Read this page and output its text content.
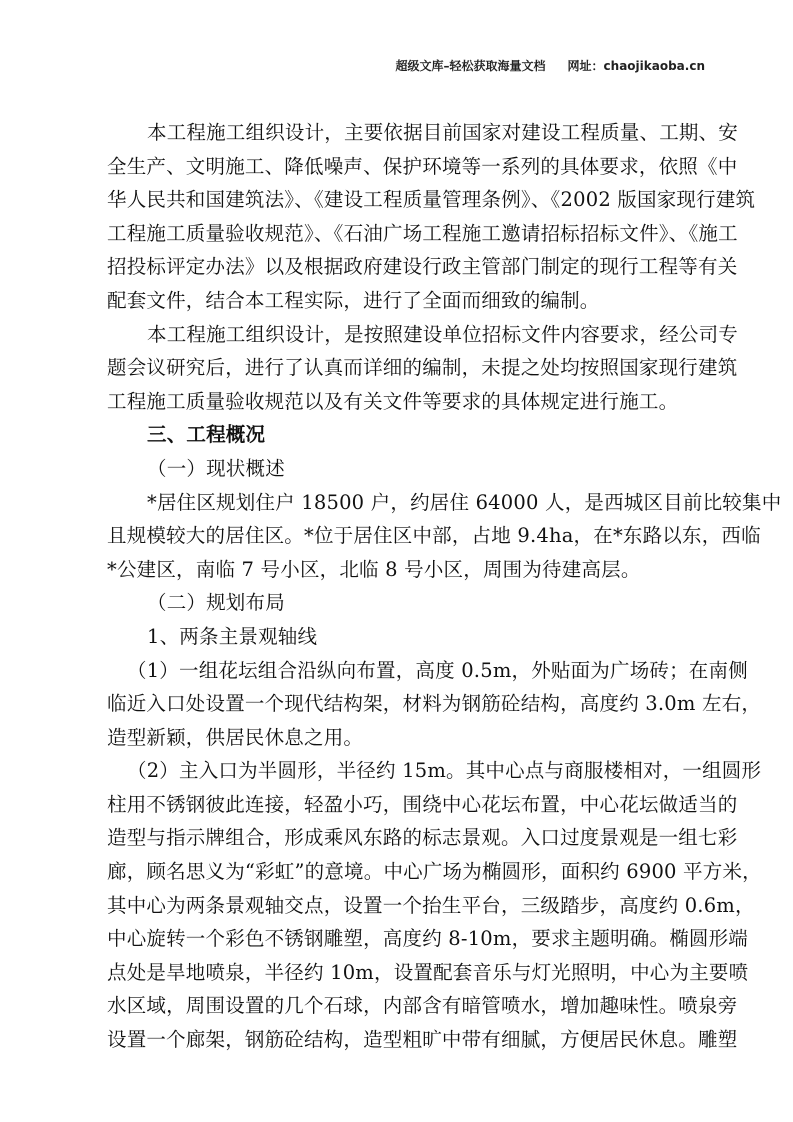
超级文库–轻松获取海量文档 网址：chaojikaoba.cn
本工程施工组织设计，主要依据目前国家对建设工程质量、工期、安
全生产、文明施工、降低噪声、保护环境等一系列的具体要求，依照《中
华人民共和国建筑法》、《建设工程质量管理条例》、《2002 版国家现行建筑
工程施工质量验收规范》、《石油广场工程施工邀请招标招标文件》、《施工
招投标评定办法》以及根据政府建设行政主管部门制定的现行工程等有关
配套文件，结合本工程实际，进行了全面而细致的编制。
本工程施工组织设计，是按照建设单位招标文件内容要求，经公司专
题会议研究后，进行了认真而详细的编制，未提之处均按照国家现行建筑
工程施工质量验收规范以及有关文件等要求的具体规定进行施工。
三、工程概况
（一）现状概述
*居住区规划住户 18500 户，约居住 64000 人，是西城区目前比较集中
且规模较大的居住区。*位于居住区中部，占地 9.4ha，在*东路以东，西临
*公建区，南临 7 号小区，北临 8 号小区，周围为待建高层。
（二）规划布局
1、两条主景观轴线
（1）一组花坛组合沿纵向布置，高度 0.5m，外贴面为广场砖；在南侧
临近入口处设置一个现代结构架，材料为钢筋砼结构，高度约 3.0m 左右，
造型新颖，供居民休息之用。
（2）主入口为半圆形，半径约 15m。其中心点与商服楼相对，一组圆形
柱用不锈钢彼此连接，轻盈小巧，围绕中心花坛布置，中心花坛做适当的
造型与指示牌组合，形成乘风东路的标志景观。入口过度景观是一组七彩
廊，顾名思义为“彩虹”的意境。中心广场为椭圆形，面积约 6900 平方米，
其中心为两条景观轴交点，设置一个抬生平台，三级踏步，高度约 0.6m，
中心旋转一个彩色不锈钢雕塑，高度约 8-10m，要求主题明确。椭圆形端
点处是旱地喷泉，半径约 10m，设置配套音乐与灯光照明，中心为主要喷
水区域，周围设置的几个石球，内部含有暗管喷水，增加趣味性。喷泉旁
设置一个廊架，钢筋砼结构，造型粗旷中带有细腻，方便居民休息。雕塑
